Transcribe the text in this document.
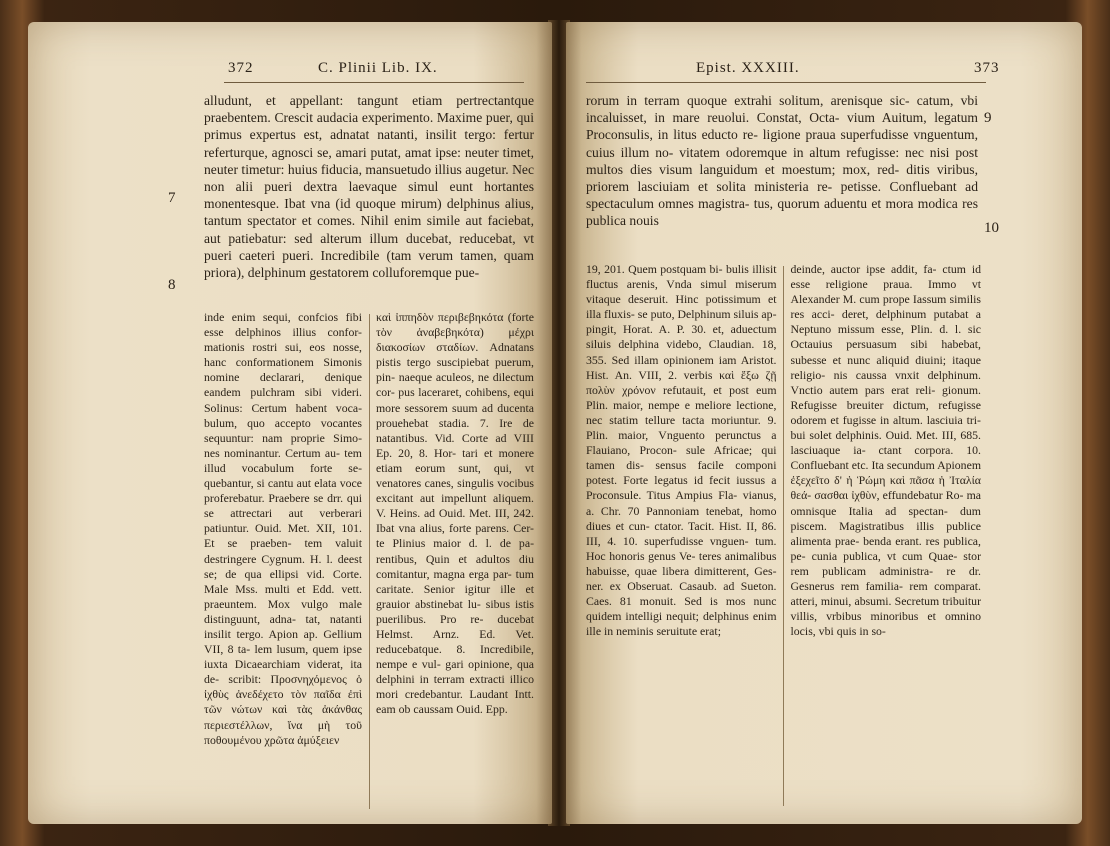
372	C. Plinii Lib. IX.
7
8

alludunt, et appellant: tangunt etiam pertrectantque praebentem. Crescit audacia experimento. Maxime puer, qui primus expertus est, adnatat natanti, insilit tergo: fertur referturque, agnosci se, amari putat, amat ipse: neuter timet, neuter timetur: huius fiducia, mansuetudo illius augetur. Nec non alii pueri dextra laevaque simul eunt hortantes monentesque. Ibat vna (id quoque mirum) delphinus alius, tantum spectator et comes. Nihil enim simile aut faciebat, aut patiebatur: sed alterum illum ducebat, reducebat, vt pueri caeteri pueri. Incredibile (tam verum tamen, quam priora), delphinum gestatorem colluforemque pue-

inde enim sequi, confcios fibi esse delphinos illius confor- mationis rostri sui, eos nosse, hanc conformationem Simonis nomine declarari, denique eandem pulchram sibi videri. Solinus: Certum habent voca- bulum, quo accepto vocantes sequuntur: nam proprie Simo- nes nominantur. Certum au- tem illud vocabulum forte se- quebantur, si cantu aut elata voce proferebatur. Praebere se drr. qui se attrectari aut verberari patiuntur. Ouid. Met. XII, 101. Et se praeben- tem valuit destringere Cygnum. H. l. deest se; de qua ellipsi vid. Corte. Male Mss. multi et Edd. vett. praeuntem. Mox vulgo male distinguunt, adna- tat, natanti insilit tergo. Apion ap. Gellium VII, 8 ta- lem lusum, quem ipse iuxta Dicaearchiam viderat, ita de- scribit: Προσνηχόμενος ὁ ἰχθὺς ἀνεδέχετο τὸν παῖδα ἐπὶ τῶν νώτων καὶ τὰς ἀκάνθας περιεστέλλων, ἵνα μὴ τοῦ ποθουμένου χρῶτα ἀμύξειεν

καὶ ἱππηδὸν περιβεβηκότα (forte τὸν ἀναβεβηκότα) μέχρι διακοσίων σταδίων. Adnatans pistis tergo suscipiebat puerum, pin- naeque aculeos, ne dilectum cor- pus laceraret, cohibens, equi more sessorem suum ad ducenta prouehebat stadia. 7. Ire de natantibus. Vid. Corte ad VIII Ep. 20, 8. Hor- tari et monere etiam eorum sunt, qui, vt venatores canes, singulis vocibus excitant aut impellunt aliquem. V. Heins. ad Ouid. Met. III, 242. Ibat vna alius, forte parens. Cer- te Plinius maior d. l. de pa- rentibus, Quin et adultos diu comitantur, magna erga par- tum caritate. Senior igitur ille et grauior abstinebat lu- sibus istis puerilibus. Pro re- ducebat Helmst. Arnz. Ed. Vet. reducebatque. 8. Incredibile, nempe e vul- gari opinione, qua delphini in terram extracti illico mori credebantur. Laudant Intt. eam ob caussam Ouid. Epp.

Epist. XXXIII.	373
9
10

rorum in terram quoque extrahi solitum, arenisque sic- catum, vbi incaluisset, in mare reuolui. Constat, Octa- vium Auitum, legatum Proconsulis, in litus educto re- ligione praua superfudisse vnguentum, cuius illum no- vitatem odoremque in altum refugisse: nec nisi post multos dies visum languidum et moestum; mox, red- ditis viribus, priorem lasciuiam et solita ministeria re- petisse. Confluebant ad spectaculum omnes magistra- tus, quorum aduentu et mora modica res publica nouis

19, 201. Quem postquam bi- bulis illisit fluctus arenis, Vnda simul miserum vitaque deseruit. Hinc potissimum et illa fluxis- se puto, Delphinum siluis ap- pingit, Horat. A. P. 30. et, aduectum siluis delphina videbo, Claudian. 18, 355. Sed illam opinionem iam Aristot. Hist. An. VIII, 2. verbis καὶ ἔξω ζῇ πολὺν χρόνον refutauit, et post eum Plin. maior, nempe e meliore lectione, nec statim tellure tacta moriuntur. 9. Plin. maior, Vnguento perunctus a Flauiano, Procon- sule Africae; qui tamen dis- sensus facile componi potest. Forte legatus id fecit iussus a Proconsule. Titus Ampius Fla- vianus, a. Chr. 70 Pannoniam tenebat, homo diues et cun- ctator. Tacit. Hist. II, 86. III, 4. 10. superfudisse vnguen- tum. Hoc honoris genus Ve- teres animalibus habuisse, quae libera dimitterent, Ges- ner. ex Obseruat. Casaub. ad Sueton. Caes. 81 monuit. Sed is mos nunc quidem intelligi nequit; delphinus enim ille in neminis seruitute erat;

deinde, auctor ipse addit, fa- ctum id esse religione praua. Immo vt Alexander M. cum prope Iassum similis res acci- deret, delphinum putabat a Neptuno missum esse, Plin. d. l. sic Octauius persuasum sibi habebat, subesse et nunc aliquid diuini; itaque religio- nis caussa vnxit delphinum. Vnctio autem pars erat reli- gionum. Refugisse breuiter dictum, refugisse odorem et fugisse in altum. lasciuia tri- bui solet delphinis. Ouid. Met. III, 685. lasciuaque ia- ctant corpora. 10. Confluebant etc. Ita secundum Apionem ἐξεχεῖτο δ' ἡ Ῥώμη καὶ πᾶσα ἡ Ἰταλία θεά- σασθαι ἰχθὺν, effundebatur Ro- ma omnisque Italia ad spectan- dum piscem. Magistratibus illis publice alimenta prae- benda erant. res publica, pe- cunia publica, vt cum Quae- stor rem publicam administra- re dr. Gesnerus rem familia- rem comparat. atteri, minui, absumi. Secretum tribuitur villis, vrbibus minoribus et omnino locis, vbi quis in so-
